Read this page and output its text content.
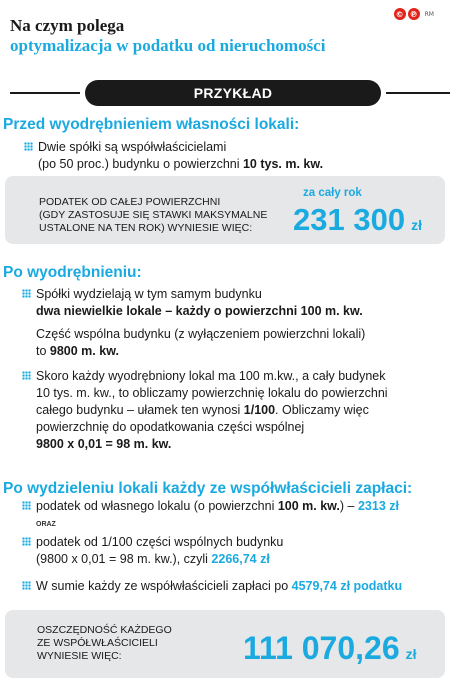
Na czym polega
optymalizacja w podatku od nieruchomości
© ℗	RM
PRZYKŁAD
Przed wyodrębnieniem własności lokali:
Dwie spółki są współwłaścicielami
(po 50 proc.) budynku o powierzchni 10 tys. m. kw.
PODATEK OD CAŁEJ POWIERZCHNI
(GDY ZASTOSUJE SIĘ STAWKI MAKSYMALNE
USTALONE NA TEN ROK) WYNIESIE WIĘC:
za cały rok
231 300 zł
Po wyodrębnieniu:
Spółki wydzielają w tym samym budynku
dwa niewielkie lokale – każdy o powierzchni 100 m. kw.
Część wspólna budynku (z wyłączeniem powierzchni lokali)
to 9800 m. kw.
Skoro każdy wyodrębniony lokal ma 100 m.kw., a cały budynek
10 tys. m. kw., to obliczamy powierzchnię lokalu do powierzchni
całego budynku – ułamek ten wynosi 1/100. Obliczamy więc
powierzchnię do opodatkowania części wspólnej
9800 x 0,01 = 98 m. kw.
Po wydzieleniu lokali każdy ze współwłaścicieli zapłaci:
podatek od własnego lokalu (o powierzchni 100 m. kw.) – 2313 zł
ORAZ
podatek od 1/100 części wspólnych budynku
(9800 x 0,01 = 98 m. kw.), czyli 2266,74 zł
W sumie każdy ze współwłaścicieli zapłaci po 4579,74 zł podatku
OSZCZĘDNOŚĆ KAŻDEGO
ZE WSPÓŁWŁAŚCICIELI
WYNIESIE WIĘC:	111 070,26 zł
